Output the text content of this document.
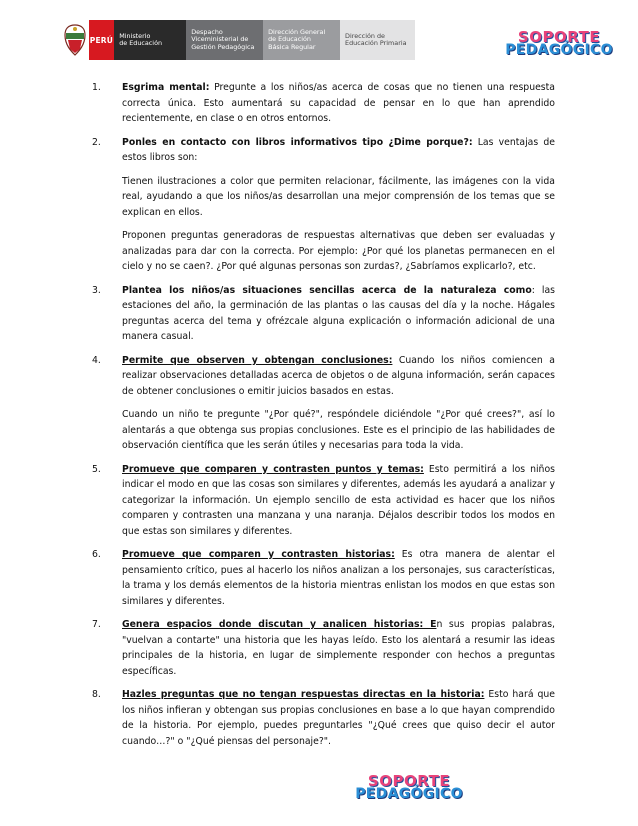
PERÚ Ministerio
de Educación
Despacho
Viceministerial de
Gestión Pedagógica
Dirección General
de Educación
Básica Regular
Dirección de
Educación Primaria	SOPORTE
PEDAGÓGICO
1.	Esgrima mental: Pregunte a los niños/as acerca de cosas que no tienen una respuesta correcta única. Esto aumentará su capacidad de pensar en lo que han aprendido recientemente, en clase o en otros entornos.

2.	Ponles en contacto con libros informativos tipo ¿Dime porque?: Las ventajas de estos libros son:

Tienen ilustraciones a color que permiten relacionar, fácilmente, las imágenes con la vida real, ayudando a que los niños/as desarrollan una mejor comprensión de los temas que se explican en ellos.

Proponen preguntas generadoras de respuestas alternativas que deben ser evaluadas y analizadas para dar con la correcta. Por ejemplo: ¿Por qué los planetas permanecen en el cielo y no se caen?. ¿Por qué algunas personas son zurdas?, ¿Sabríamos explicarlo?, etc.

3.	Plantea los niños/as situaciones sencillas acerca de la naturaleza como: las estaciones del año, la germinación de las plantas o las causas del día y la noche. Hágales preguntas acerca del tema y ofrézcale alguna explicación o información adicional de una manera casual.

4.	Permite que observen y obtengan conclusiones: Cuando los niños comiencen a realizar observaciones detalladas acerca de objetos o de alguna información, serán capaces de obtener conclusiones o emitir juicios basados en estas.

Cuando un niño te pregunte "¿Por qué?", respóndele diciéndole "¿Por qué crees?", así lo alentarás a que obtenga sus propias conclusiones. Este es el principio de las habilidades de observación científica que les serán útiles y necesarias para toda la vida.

5.	Promueve que comparen y contrasten puntos y temas: Esto permitirá a los niños indicar el modo en que las cosas son similares y diferentes, además les ayudará a analizar y categorizar la información. Un ejemplo sencillo de esta actividad es hacer que los niños comparen y contrasten una manzana y una naranja. Déjalos describir todos los modos en que estas son similares y diferentes.

6.	Promueve que comparen y contrasten historias: Es otra manera de alentar el pensamiento crítico, pues al hacerlo los niños analizan a los personajes, sus características, la trama y los demás elementos de la historia mientras enlistan los modos en que estas son similares y diferentes.

7.	Genera espacios donde discutan y analicen historias: En sus propias palabras, "vuelvan a contarte" una historia que les hayas leído. Esto los alentará a resumir las ideas principales de la historia, en lugar de simplemente responder con hechos a preguntas específicas.

8.	Hazles preguntas que no tengan respuestas directas en la historia: Esto hará que los niños infieran y obtengan sus propias conclusiones en base a lo que hayan comprendido de la historia. Por ejemplo, puedes preguntarles "¿Qué crees que quiso decir el autor cuando…?" o "¿Qué piensas del personaje?".

SOPORTE
PEDAGÓGICO
